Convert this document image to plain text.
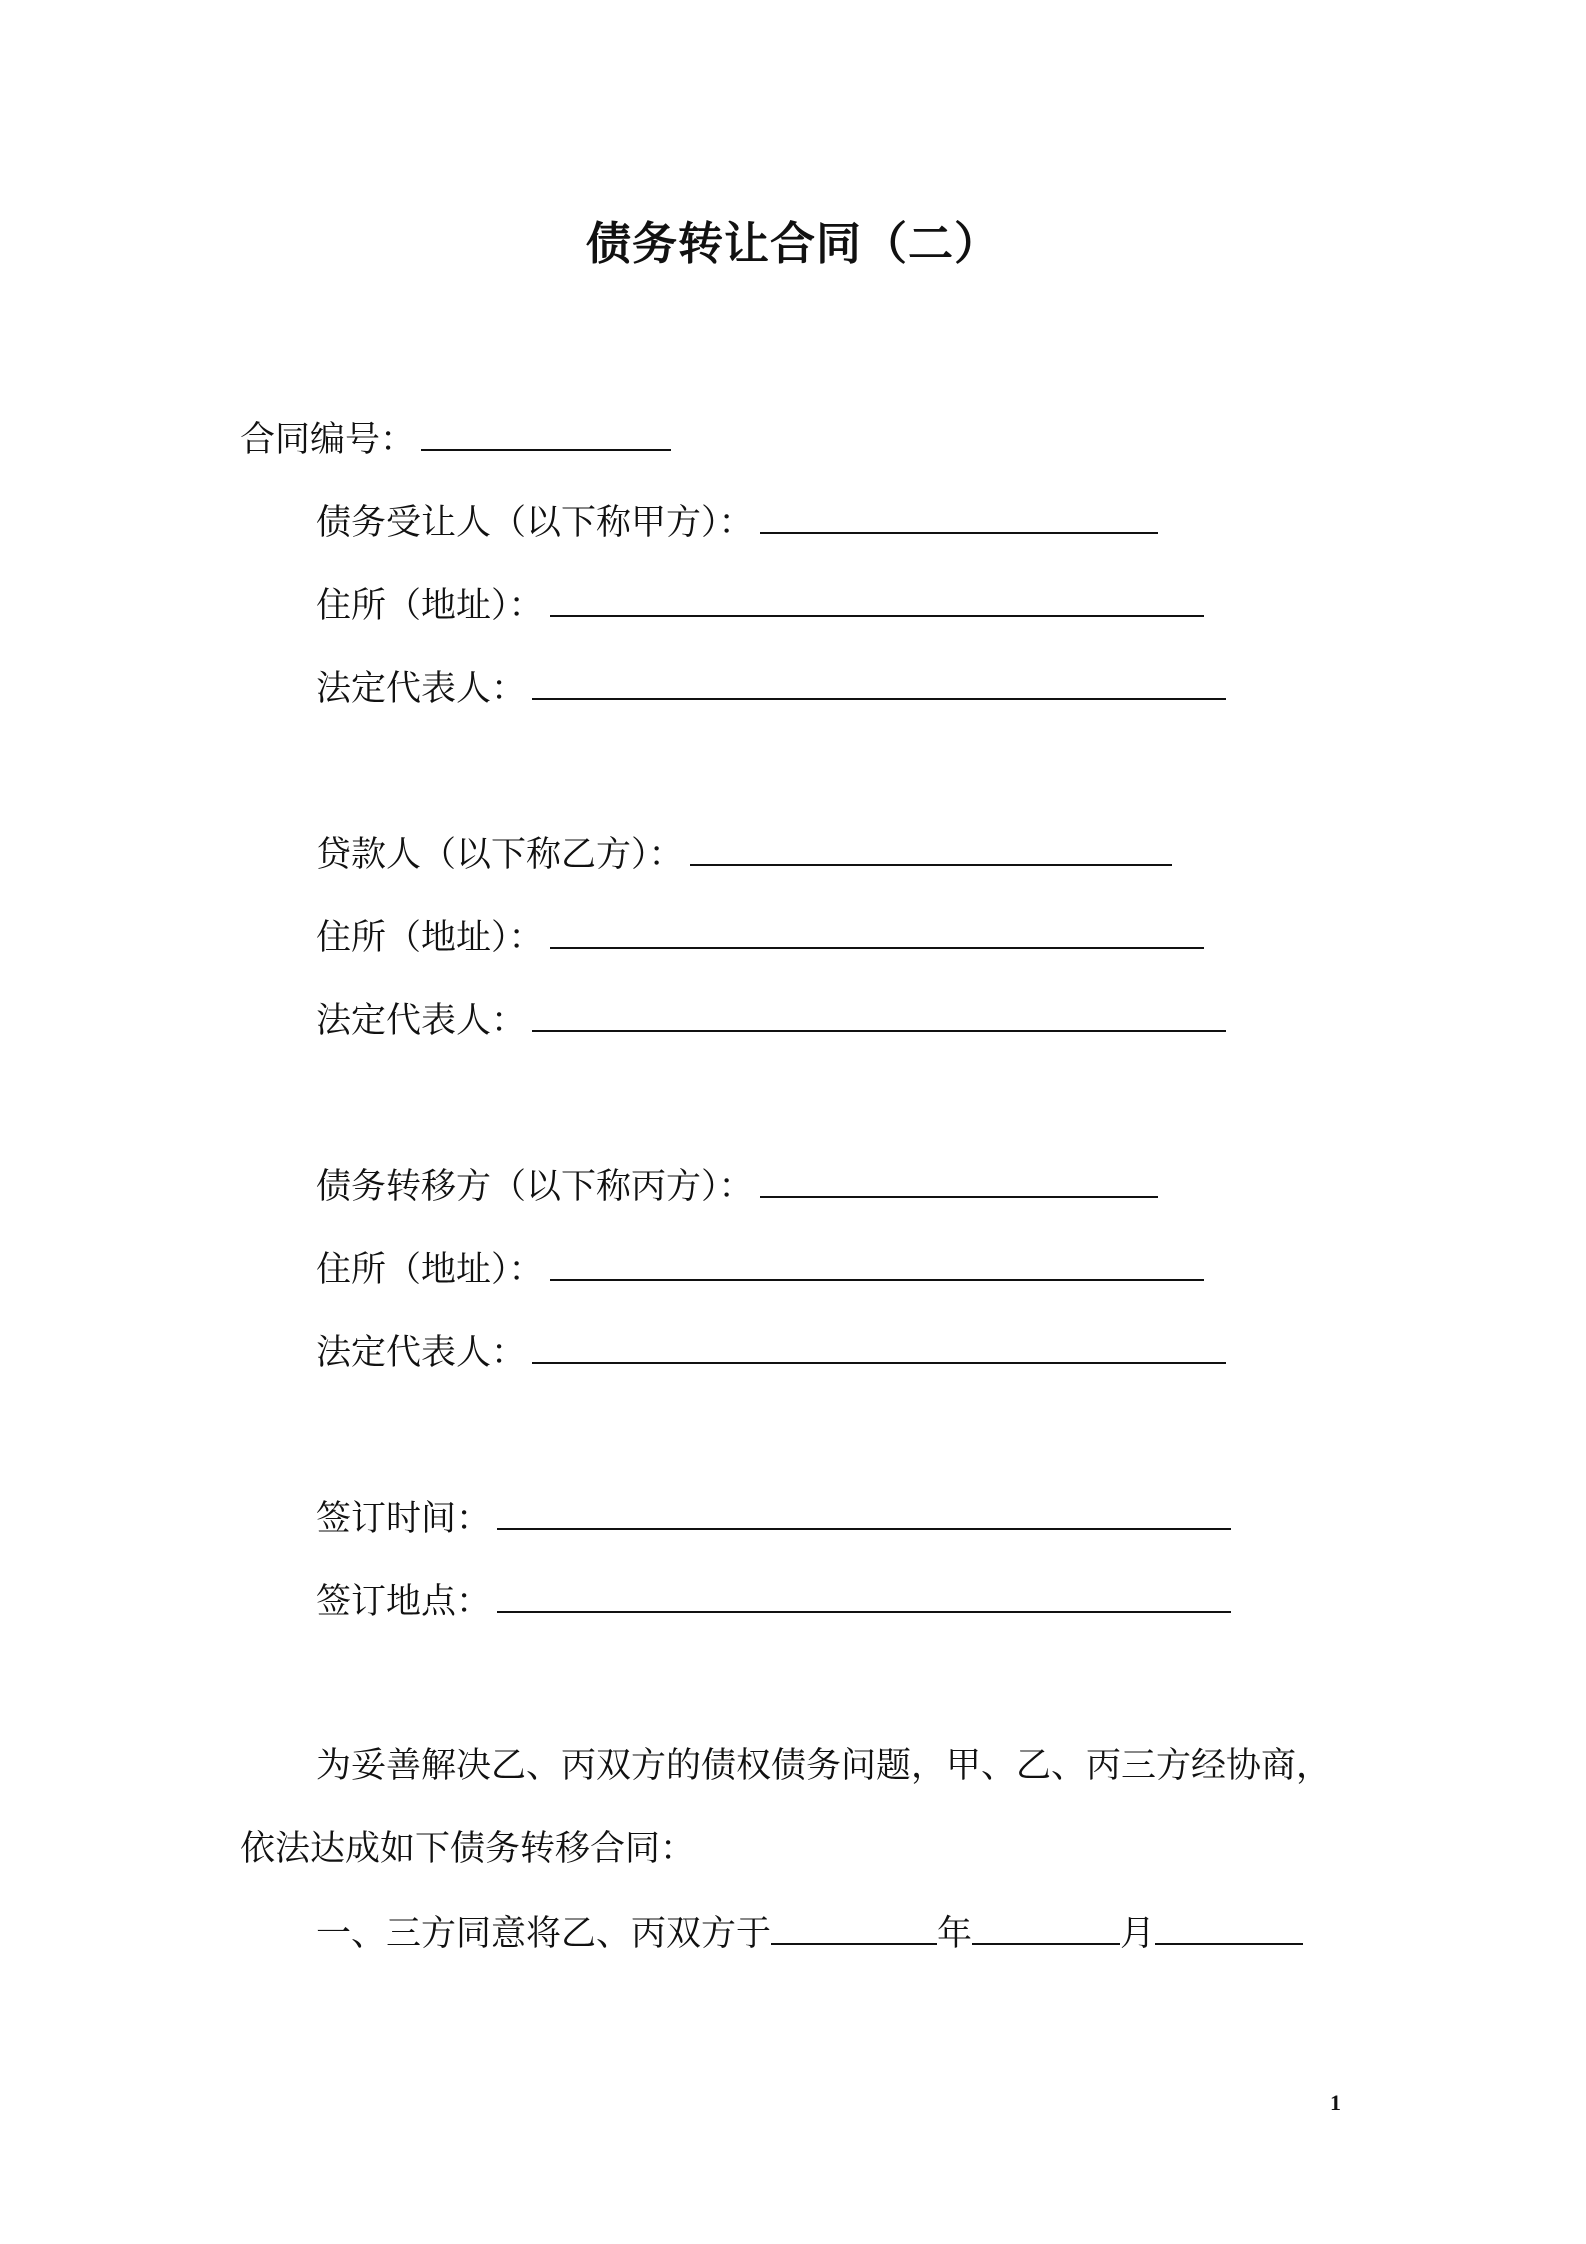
债务转让合同（二）
合同编号：
债务受让人（以下称甲方）：
住所（地址）：
法定代表人：
贷款人（以下称乙方）：
住所（地址）：
法定代表人：
债务转移方（以下称丙方）：
住所（地址）：
法定代表人：
签订时间：
签订地点：
为妥善解决乙、丙双方的债权债务问题，甲、乙、丙三方经协商，
依法达成如下债务转移合同：
一、三方同意将乙、丙双方于	年	月
1
